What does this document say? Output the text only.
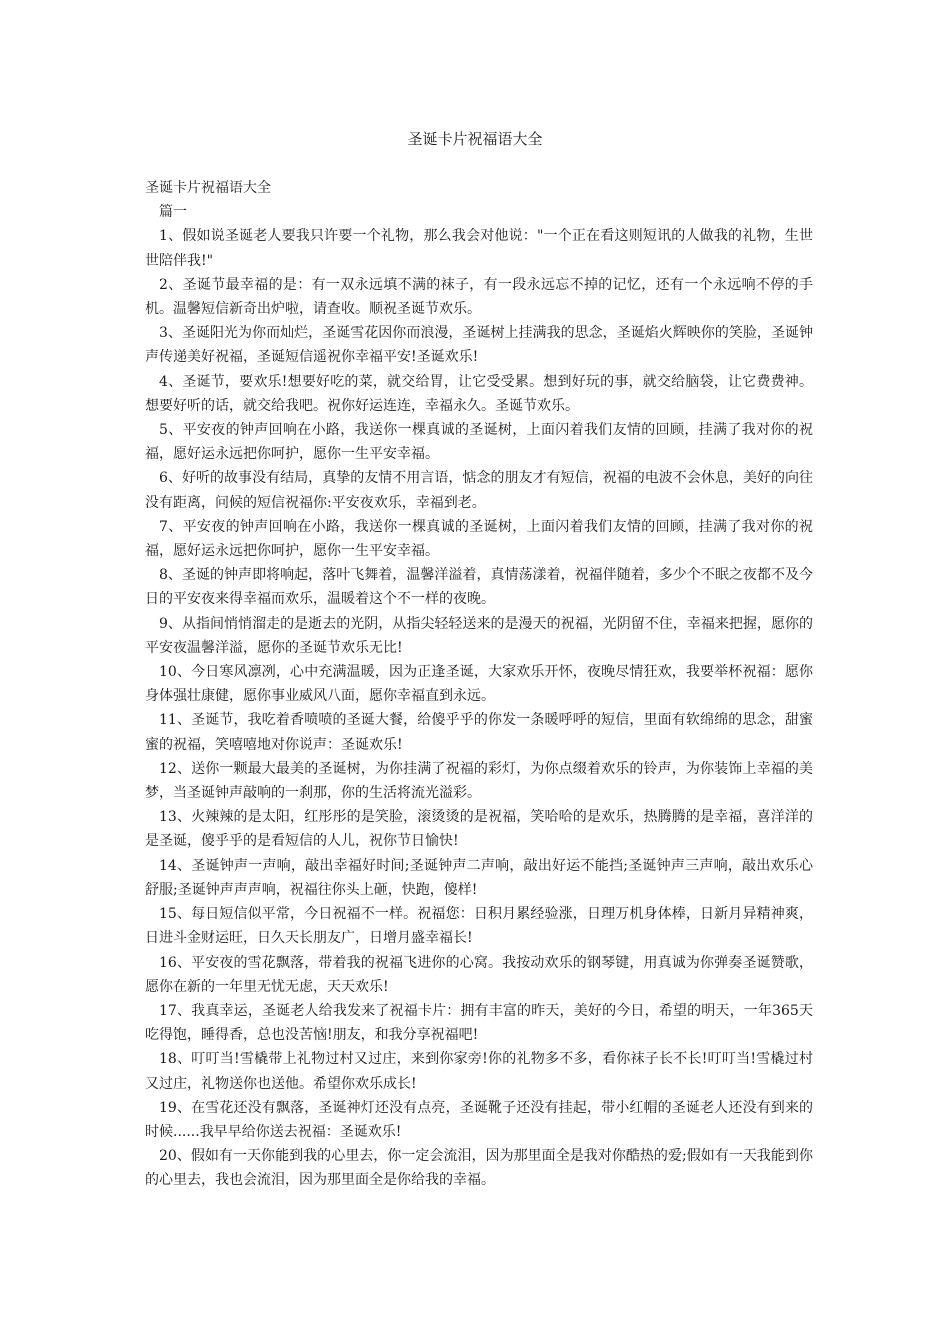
圣诞卡片祝福语大全

圣诞卡片祝福语大全

篇一

1、假如说圣诞老人要我只许要一个礼物，那么我会对他说："一个正在看这则短讯的人做我的礼物，生世世陪伴我!"
2、圣诞节最幸福的是：有一双永远填不满的袜子，有一段永远忘不掉的记忆，还有一个永远响不停的手机。温馨短信新奇出炉啦，请查收。顺祝圣诞节欢乐。
3、圣诞阳光为你而灿烂，圣诞雪花因你而浪漫，圣诞树上挂满我的思念，圣诞焰火辉映你的笑脸，圣诞钟声传递美好祝福，圣诞短信遥祝你幸福平安!圣诞欢乐!
4、圣诞节，要欢乐!想要好吃的菜，就交给胃，让它受受累。想到好玩的事，就交给脑袋，让它费费神。想要好听的话，就交给我吧。祝你好运连连，幸福永久。圣诞节欢乐。
5、平安夜的钟声回响在小路，我送你一棵真诚的圣诞树，上面闪着我们友情的回顾，挂满了我对你的祝福，愿好运永远把你呵护，愿你一生平安幸福。
6、好听的故事没有结局，真挚的友情不用言语，惦念的朋友才有短信，祝福的电波不会休息，美好的向往没有距离，问候的短信祝福你:平安夜欢乐，幸福到老。
7、平安夜的钟声回响在小路，我送你一棵真诚的圣诞树，上面闪着我们友情的回顾，挂满了我对你的祝福，愿好运永远把你呵护，愿你一生平安幸福。
8、圣诞的钟声即将响起，落叶飞舞着，温馨洋溢着，真情荡漾着，祝福伴随着，多少个不眠之夜都不及今日的平安夜来得幸福而欢乐，温暖着这个不一样的夜晚。
9、从指间悄悄溜走的是逝去的光阴，从指尖轻轻送来的是漫天的祝福，光阴留不住，幸福来把握，愿你的平安夜温馨洋溢，愿你的圣诞节欢乐无比!
10、今日寒风凛冽，心中充满温暖，因为正逢圣诞，大家欢乐开怀，夜晚尽情狂欢，我要举杯祝福：愿你身体强壮康健，愿你事业威风八面，愿你幸福直到永远。
11、圣诞节，我吃着香喷喷的圣诞大餐，给傻乎乎的你发一条暖呼呼的短信，里面有软绵绵的思念，甜蜜蜜的祝福，笑嘻嘻地对你说声：圣诞欢乐!
12、送你一颗最大最美的圣诞树，为你挂满了祝福的彩灯，为你点缀着欢乐的铃声，为你装饰上幸福的美梦，当圣诞钟声敲响的一刹那，你的生活将流光溢彩。
13、火辣辣的是太阳，红彤彤的是笑脸，滚烫烫的是祝福，笑哈哈的是欢乐，热腾腾的是幸福，喜洋洋的是圣诞，傻乎乎的是看短信的人儿，祝你节日愉快!
14、圣诞钟声一声响，敲出幸福好时间;圣诞钟声二声响，敲出好运不能挡;圣诞钟声三声响，敲出欢乐心舒服;圣诞钟声声声响，祝福往你头上砸，快跑，傻样!
15、每日短信似平常，今日祝福不一样。祝福您：日积月累经验涨，日理万机身体棒，日新月异精神爽，日进斗金财运旺，日久天长朋友广，日增月盛幸福长!
16、平安夜的雪花飘落，带着我的祝福飞进你的心窝。我按动欢乐的钢琴键，用真诚为你弹奏圣诞赞歌，愿你在新的一年里无忧无虑，天天欢乐!
17、我真幸运，圣诞老人给我发来了祝福卡片：拥有丰富的昨天，美好的今日，希望的明天，一年365天吃得饱，睡得香，总也没苦恼!朋友，和我分享祝福吧!
18、叮叮当!雪橇带上礼物过村又过庄，来到你家旁!你的礼物多不多，看你袜子长不长!叮叮当!雪橇过村又过庄，礼物送你也送他。希望你欢乐成长!
19、在雪花还没有飘落，圣诞神灯还没有点亮，圣诞靴子还没有挂起，带小红帽的圣诞老人还没有到来的时候......我早早给你送去祝福：圣诞欢乐!
20、假如有一天你能到我的心里去，你一定会流泪，因为那里面全是我对你酷热的爱;假如有一天我能到你的心里去，我也会流泪，因为那里面全是你给我的幸福。
